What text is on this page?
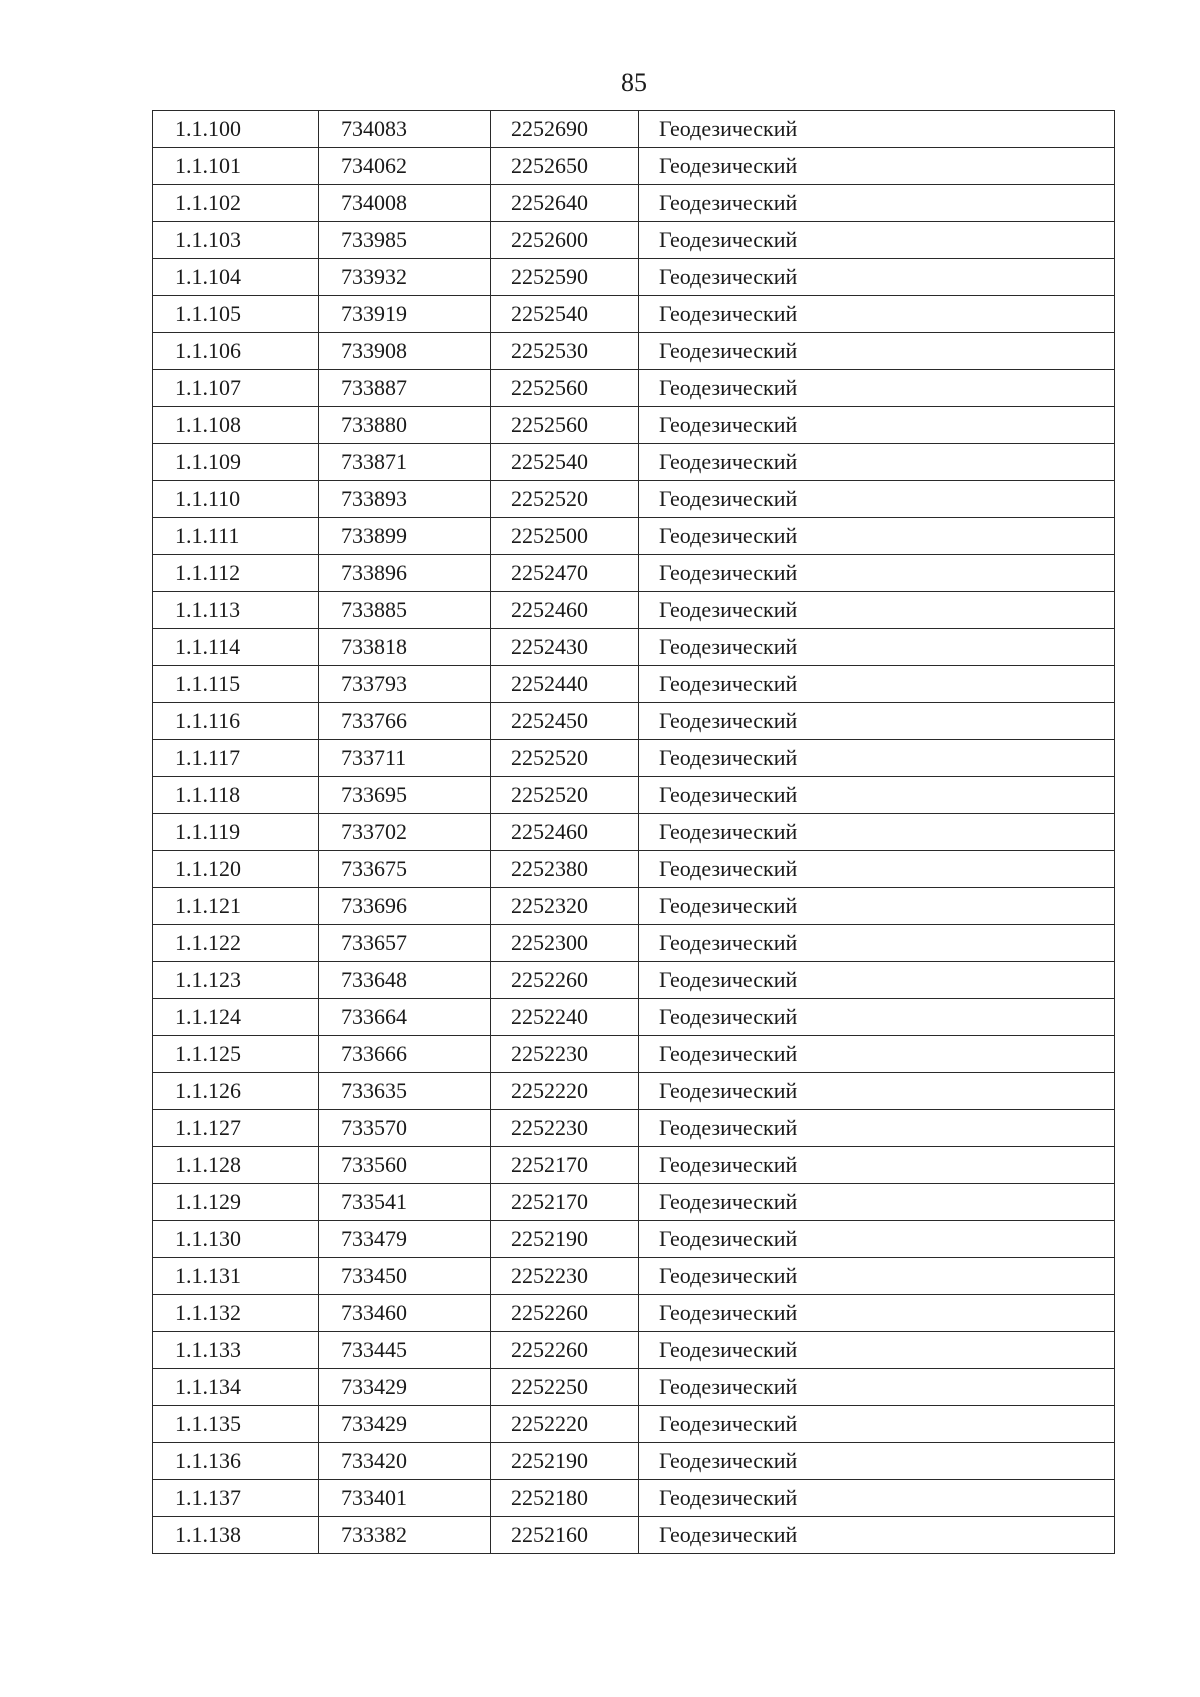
85
1.1.100	734083	2252690	Геодезический
1.1.101	734062	2252650	Геодезический
1.1.102	734008	2252640	Геодезический
1.1.103	733985	2252600	Геодезический
1.1.104	733932	2252590	Геодезический
1.1.105	733919	2252540	Геодезический
1.1.106	733908	2252530	Геодезический
1.1.107	733887	2252560	Геодезический
1.1.108	733880	2252560	Геодезический
1.1.109	733871	2252540	Геодезический
1.1.110	733893	2252520	Геодезический
1.1.111	733899	2252500	Геодезический
1.1.112	733896	2252470	Геодезический
1.1.113	733885	2252460	Геодезический
1.1.114	733818	2252430	Геодезический
1.1.115	733793	2252440	Геодезический
1.1.116	733766	2252450	Геодезический
1.1.117	733711	2252520	Геодезический
1.1.118	733695	2252520	Геодезический
1.1.119	733702	2252460	Геодезический
1.1.120	733675	2252380	Геодезический
1.1.121	733696	2252320	Геодезический
1.1.122	733657	2252300	Геодезический
1.1.123	733648	2252260	Геодезический
1.1.124	733664	2252240	Геодезический
1.1.125	733666	2252230	Геодезический
1.1.126	733635	2252220	Геодезический
1.1.127	733570	2252230	Геодезический
1.1.128	733560	2252170	Геодезический
1.1.129	733541	2252170	Геодезический
1.1.130	733479	2252190	Геодезический
1.1.131	733450	2252230	Геодезический
1.1.132	733460	2252260	Геодезический
1.1.133	733445	2252260	Геодезический
1.1.134	733429	2252250	Геодезический
1.1.135	733429	2252220	Геодезический
1.1.136	733420	2252190	Геодезический
1.1.137	733401	2252180	Геодезический
1.1.138	733382	2252160	Геодезический
